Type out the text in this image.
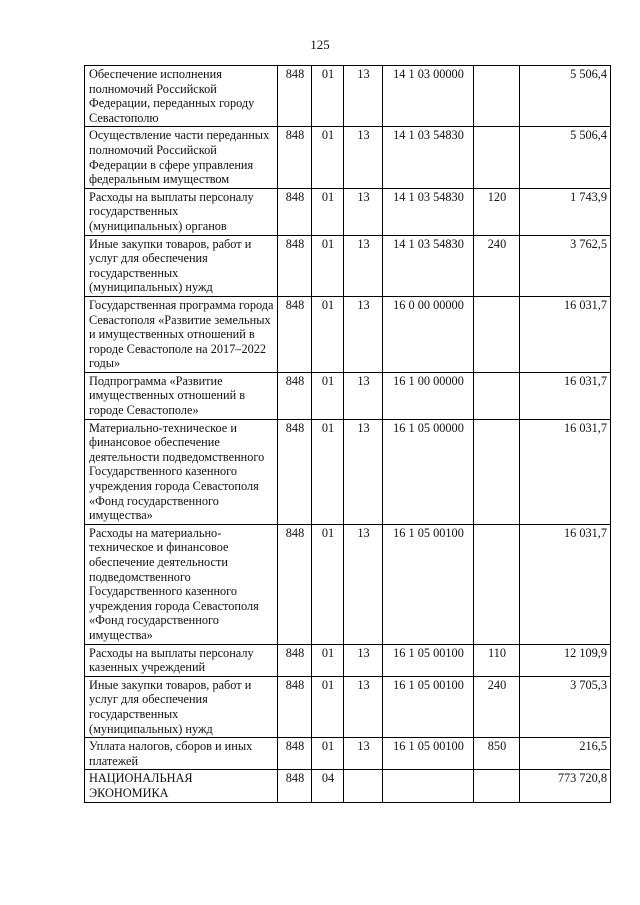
125
Обеспечение исполнения полномочий Российской Федерации, переданных городу Севастополю	848	01	13	14 1 03 00000		5 506,4
Осуществление части переданных полномочий Российской Федерации в сфере управления федеральным имуществом	848	01	13	14 1 03 54830		5 506,4
Расходы на выплаты персоналу государственных (муниципальных) органов	848	01	13	14 1 03 54830	120	1 743,9
Иные закупки товаров, работ и услуг для обеспечения государственных (муниципальных) нужд	848	01	13	14 1 03 54830	240	3 762,5
Государственная программа города Севастополя «Развитие земельных и имущественных отношений в городе Севастополе на 2017–2022 годы»	848	01	13	16 0 00 00000		16 031,7
Подпрограмма «Развитие имущественных отношений в городе Севастополе»	848	01	13	16 1 00 00000		16 031,7
Материально-техническое и финансовое обеспечение деятельности подведомственного Государственного казенного учреждения города Севастополя «Фонд государственного имущества»	848	01	13	16 1 05 00000		16 031,7
Расходы на материально-техническое и финансовое обеспечение деятельности подведомственного Государственного казенного учреждения города Севастополя «Фонд государственного имущества»	848	01	13	16 1 05 00100		16 031,7
Расходы на выплаты персоналу казенных учреждений	848	01	13	16 1 05 00100	110	12 109,9
Иные закупки товаров, работ и услуг для обеспечения государственных (муниципальных) нужд	848	01	13	16 1 05 00100	240	3 705,3
Уплата налогов, сборов и иных платежей	848	01	13	16 1 05 00100	850	216,5
НАЦИОНАЛЬНАЯ ЭКОНОМИКА	848	04				773 720,8
